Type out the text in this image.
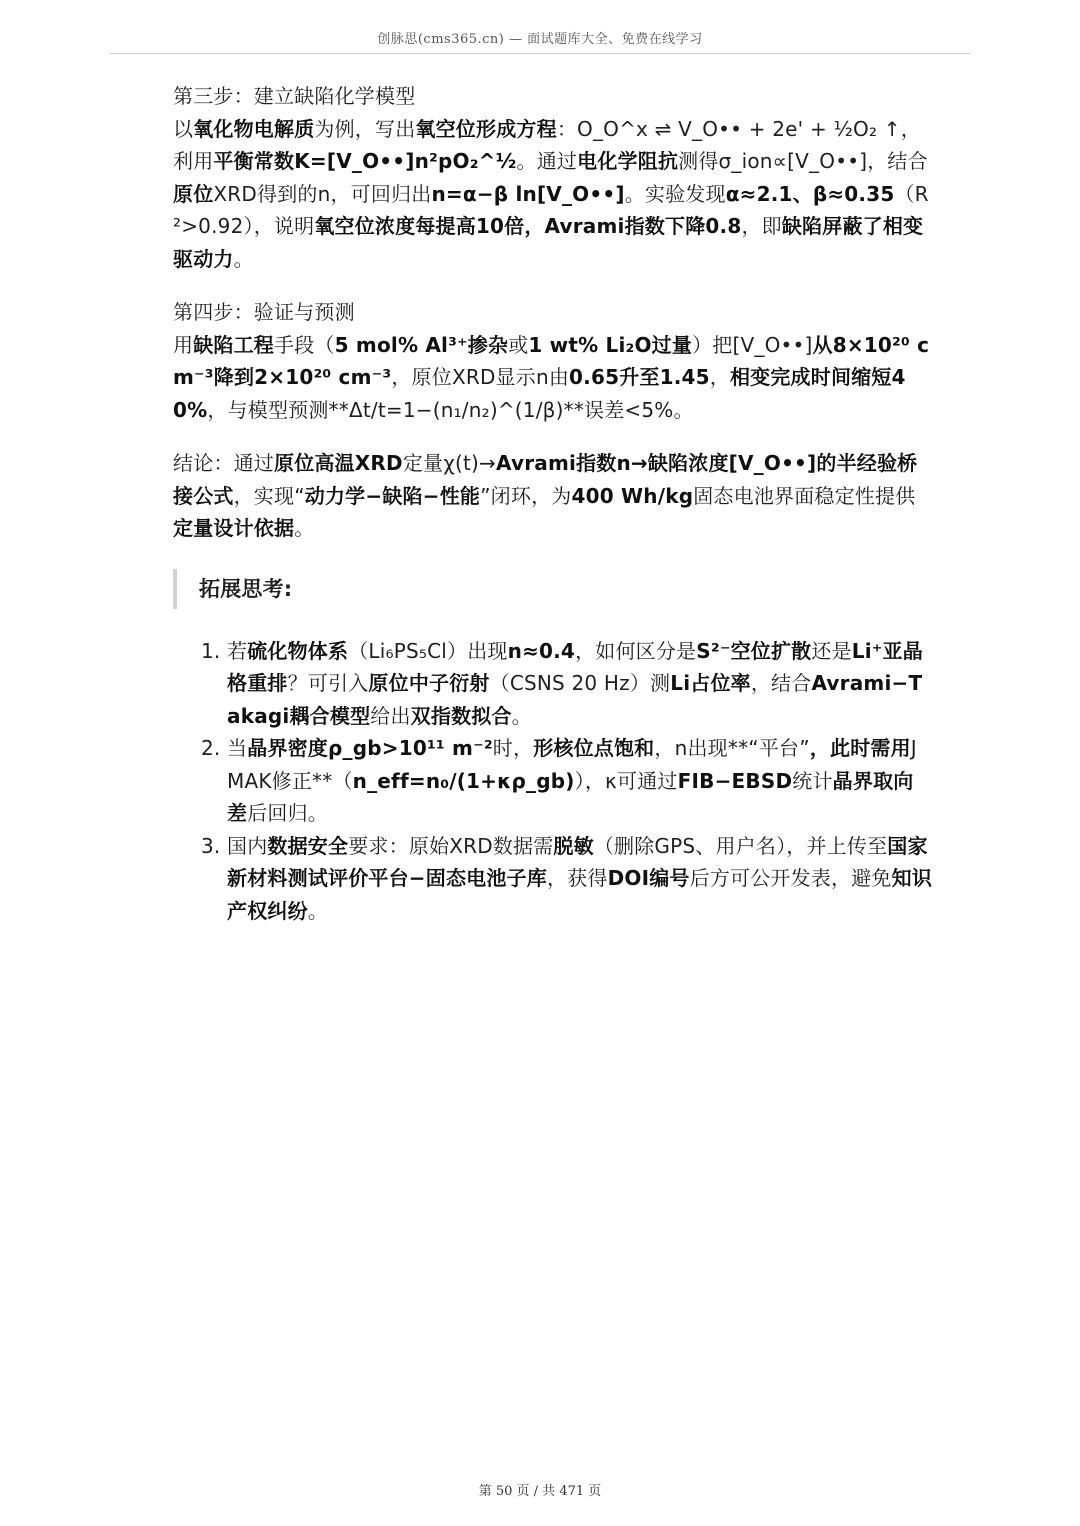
创脉思(cms365.cn) — 面试题库大全、免费在线学习

第三步：建立缺陷化学模型
以氧化物电解质为例，写出氧空位形成方程：O_O^x ⇌ V_O•• + 2e' + ½O₂ ↑，利用平衡常数K=[V_O••]n²pO₂^½。通过电化学阻抗测得σ_ion∝[V_O••]，结合原位XRD得到的n，可回归出n=α−β ln[V_O••]。实验发现α≈2.1、β≈0.35（R²>0.92），说明氧空位浓度每提高10倍，Avrami指数下降0.8，即缺陷屏蔽了相变驱动力。

第四步：验证与预测
用缺陷工程手段（5 mol% Al³⁺掺杂或1 wt% Li₂O过量）把[V_O••]从8×10²⁰ cm⁻³降到2×10²⁰ cm⁻³，原位XRD显示n由0.65升至1.45，相变完成时间缩短40%，与模型预测**Δt/t=1−(n₁/n₂)^(1/β)**误差<5%。

结论：通过原位高温XRD定量χ(t)→Avrami指数n→缺陷浓度[V_O••]的半经验桥接公式，实现“动力学−缺陷−性能”闭环，为400 Wh/kg固态电池界面稳定性提供定量设计依据。

拓展思考:
1. 若硫化物体系（Li₆PS₅Cl）出现n≈0.4，如何区分是S²⁻空位扩散还是Li⁺亚晶格重排？可引入原位中子衍射（CSNS 20 Hz）测Li占位率，结合Avrami−Takagi耦合模型给出双指数拟合。
2. 当晶界密度ρ_gb>10¹¹ m⁻²时，形核位点饱和，n出现**“平台”，此时需用JMAK修正**（n_eff=n₀/(1+κρ_gb)），κ可通过FIB−EBSD统计晶界取向差后回归。
3. 国内数据安全要求：原始XRD数据需脱敏（删除GPS、用户名），并上传至国家新材料测试评价平台−固态电池子库，获得DOI编号后方可公开发表，避免知识产权纠纷。
第 50 页 / 共 471 页
